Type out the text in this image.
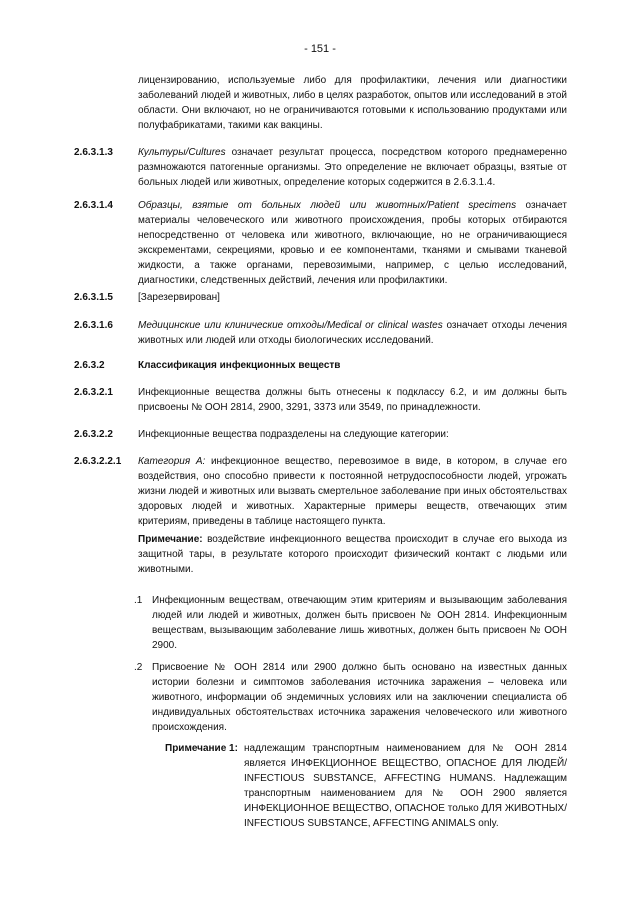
- 151 -
лицензированию, используемые либо для профилактики, лечения или диагностики заболеваний людей и животных, либо в целях разработок, опытов или исследований в этой области. Они включают, но не ограничиваются готовыми к использованию продуктами или полуфабрикатами, такими как вакцины.
2.6.3.1.3	Культуры/Cultures означает результат процесса, посредством которого преднамеренно размножаются патогенные организмы. Это определение не включает образцы, взятые от больных людей или животных, определение которых содержится в 2.6.3.1.4.
2.6.3.1.4	Образцы, взятые от больных людей или животных/Patient specimens означает материалы человеческого или животного происхождения, пробы которых отбираются непосредственно от человека или животного, включающие, но не ограничивающиеся экскрементами, секрециями, кровью и ее компонентами, тканями и смывами тканевой жидкости, а также органами, перевозимыми, например, с целью исследований, диагностики, следственных действий, лечения или профилактики.
2.6.3.1.5	[Зарезервирован]
2.6.3.1.6	Медицинские или клинические отходы/Medical or clinical wastes означает отходы лечения животных или людей или отходы биологических исследований.
2.6.3.2	Классификация инфекционных веществ
2.6.3.2.1	Инфекционные вещества должны быть отнесены к подклассу 6.2, и им должны быть присвоены № ООН 2814, 2900, 3291, 3373 или 3549, по принадлежности.
2.6.3.2.2	Инфекционные вещества подразделены на следующие категории:
2.6.3.2.2.1 Категория А: инфекционное вещество, перевозимое в виде, в котором, в случае его воздействия, оно способно привести к постоянной нетрудоспособности людей, угрожать жизни людей и животных или вызвать смертельное заболевание при иных обстоятельствах здоровых людей и животных. Характерные примеры веществ, отвечающих этим критериям, приведены в таблице настоящего пункта.
Примечание: воздействие инфекционного вещества происходит в случае его выхода из защитной тары, в результате которого происходит физический контакт с людьми или животными.
.1 Инфекционным веществам, отвечающим этим критериям и вызывающим заболевания людей или людей и животных, должен быть присвоен № ООН 2814. Инфекционным веществам, вызывающим заболевание лишь животных, должен быть присвоен № ООН 2900.
.2 Присвоение № ООН 2814 или 2900 должно быть основано на известных данных истории болезни и симптомов заболевания источника заражения – человека или животного, информации об эндемичных условиях или на заключении специалиста об индивидуальных обстоятельствах источника заражения человеческого или животного происхождения.
Примечание 1: надлежащим транспортным наименованием для № ООН 2814 является ИНФЕКЦИОННОЕ ВЕЩЕСТВО, ОПАСНОЕ ДЛЯ ЛЮДЕЙ/ INFECTIOUS SUBSTANCE, AFFECTING HUMANS. Надлежащим транспортным наименованием для № ООН 2900 является ИНФЕКЦИОННОЕ ВЕЩЕСТВО, ОПАСНОЕ только ДЛЯ ЖИВОТНЫХ/ INFECTIOUS SUBSTANCE, AFFECTING ANIMALS only.
